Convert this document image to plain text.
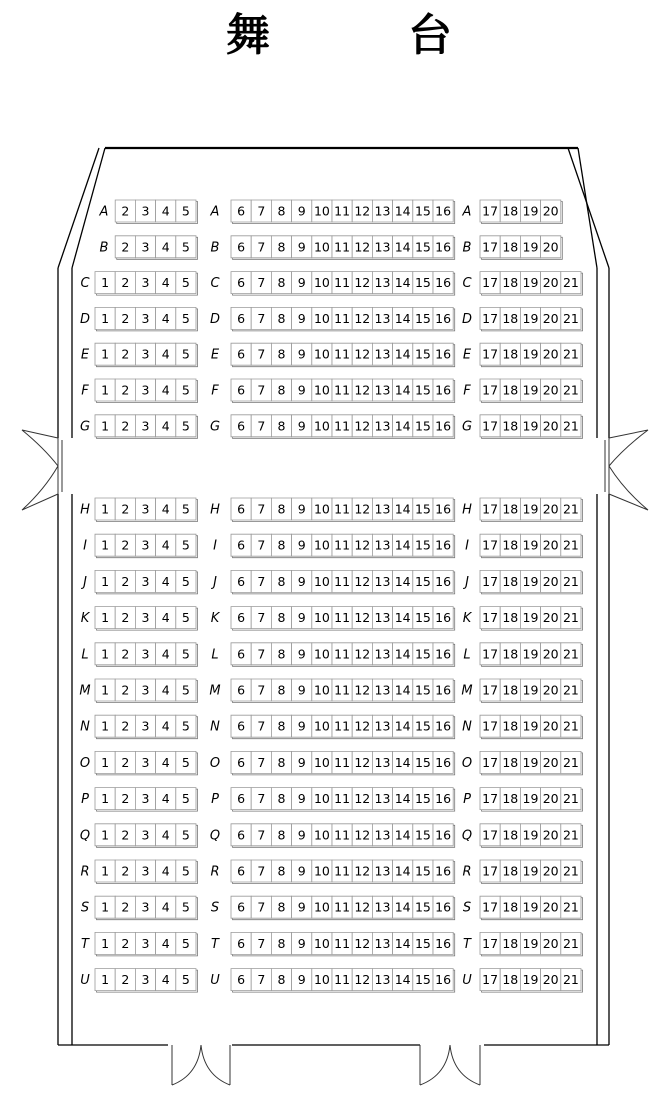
舞	台
A 2 3 4 5 A 6 7 8 9 10 11 12 13 14 15 16 A 17 18 19 20
B 2 3 4 5 B 6 7 8 9 10 11 12 13 14 15 16 B 17 18 19 20
C 1 2 3 4 5 C 6 7 8 9 10 11 12 13 14 15 16 C 17 18 19 20 21
D 1 2 3 4 5 D 6 7 8 9 10 11 12 13 14 15 16 D 17 18 19 20 21
E 1 2 3 4 5 E 6 7 8 9 10 11 12 13 14 15 16 E 17 18 19 20 21
F 1 2 3 4 5 F 6 7 8 9 10 11 12 13 14 15 16 F 17 18 19 20 21
G 1 2 3 4 5 G 6 7 8 9 10 11 12 13 14 15 16 G 17 18 19 20 21
H 1 2 3 4 5 H 6 7 8 9 10 11 12 13 14 15 16 H 17 18 19 20 21
I 1 2 3 4 5 I 6 7 8 9 10 11 12 13 14 15 16 I 17 18 19 20 21
J 1 2 3 4 5 J 6 7 8 9 10 11 12 13 14 15 16 J 17 18 19 20 21
K 1 2 3 4 5 K 6 7 8 9 10 11 12 13 14 15 16 K 17 18 19 20 21
L 1 2 3 4 5 L 6 7 8 9 10 11 12 13 14 15 16 L 17 18 19 20 21
M 1 2 3 4 5 M 6 7 8 9 10 11 12 13 14 15 16 M 17 18 19 20 21
N 1 2 3 4 5 N 6 7 8 9 10 11 12 13 14 15 16 N 17 18 19 20 21
O 1 2 3 4 5 O 6 7 8 9 10 11 12 13 14 15 16 O 17 18 19 20 21
P 1 2 3 4 5 P 6 7 8 9 10 11 12 13 14 15 16 P 17 18 19 20 21
Q 1 2 3 4 5 Q 6 7 8 9 10 11 12 13 14 15 16 Q 17 18 19 20 21
R 1 2 3 4 5 R 6 7 8 9 10 11 12 13 14 15 16 R 17 18 19 20 21
S 1 2 3 4 5 S 6 7 8 9 10 11 12 13 14 15 16 S 17 18 19 20 21
T 1 2 3 4 5 T 6 7 8 9 10 11 12 13 14 15 16 T 17 18 19 20 21
U 1 2 3 4 5 U 6 7 8 9 10 11 12 13 14 15 16 U 17 18 19 20 21
